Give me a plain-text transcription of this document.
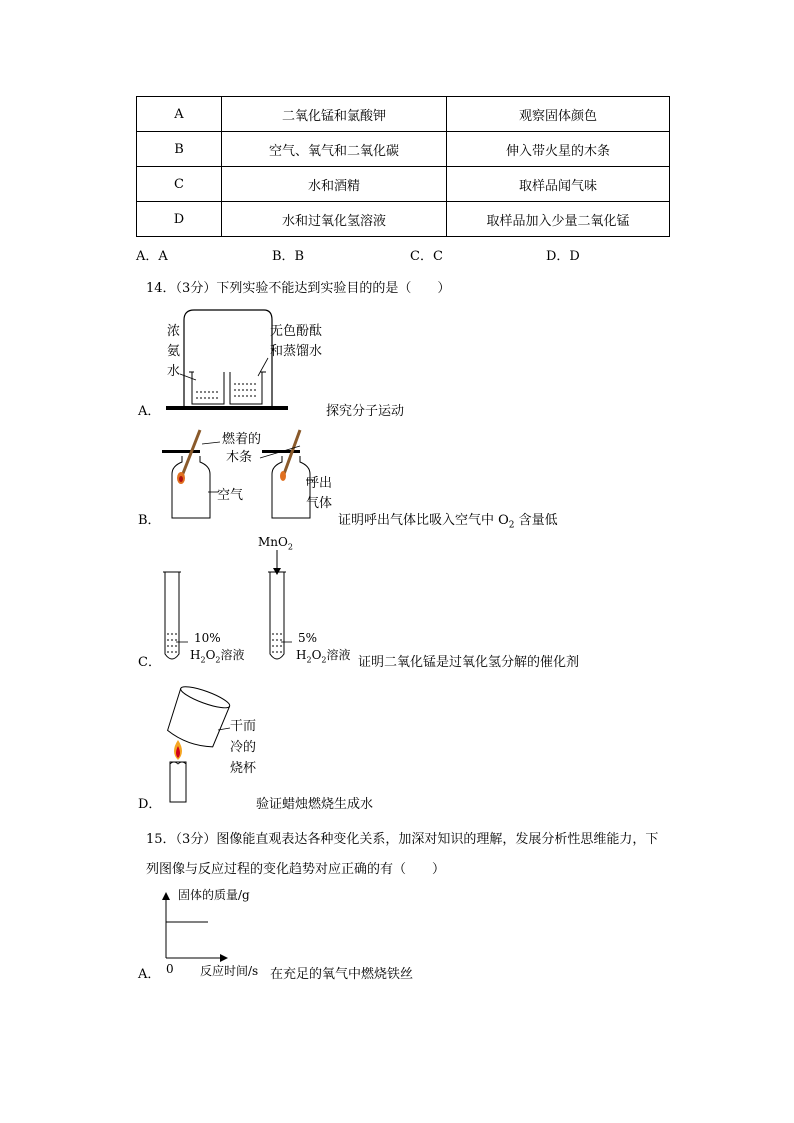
A	二氧化锰和氯酸钾	观察固体颜色
B	空气、氧气和二氧化碳	伸入带火星的木条
C	水和酒精	取样品闻气味
D	水和过氧化氢溶液	取样品加入少量二氧化锰
A．A	B．B	C．C	D．D
14．（3分）下列实验不能达到实验目的的是（　　）
A．
浓
氨
水
无色酚酞
和蒸馏水
探究分子运动
B．
燃着的
木条
空气
呼出
气体
证明呼出气体比吸入空气中 $O_2$ 含量低
C．
MnO$_2$
10%	5%
$H_2O_2$溶液	$H_2O_2$溶液 证明二氧化锰是过氧化氢分解的催化剂
D．
干而
冷的
烧杯
验证蜡烛燃烧生成水
15．（3分）图像能直观表达各种变化关系，加深对知识的理解，发展分析性思维能力，下
列图像与反应过程的变化趋势对应正确的有（　　）
固体的质量/g
A． 0 反应时间/s 在充足的氧气中燃烧铁丝
